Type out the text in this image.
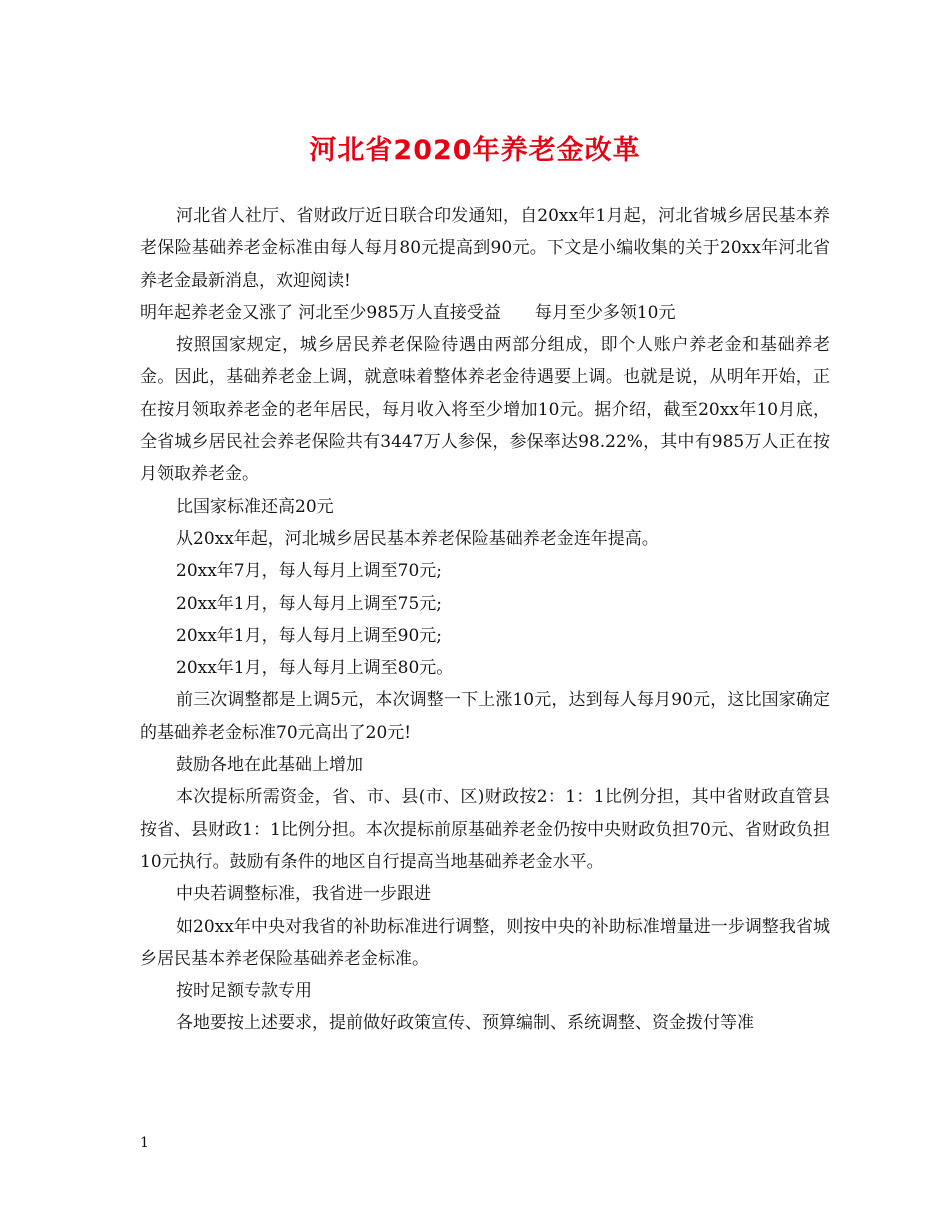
河北省2020年养老金改革

河北省人社厅、省财政厅近日联合印发通知，自20xx年1月起，河北省城乡居民基本养老保险基础养老金标准由每人每月80元提高到90元。下文是小编收集的关于20xx年河北省养老金最新消息，欢迎阅读!

明年起养老金又涨了 河北至少985万人直接受益　　每月至少多领10元

按照国家规定，城乡居民养老保险待遇由两部分组成，即个人账户养老金和基础养老金。因此，基础养老金上调，就意味着整体养老金待遇要上调。也就是说，从明年开始，正在按月领取养老金的老年居民，每月收入将至少增加10元。据介绍，截至20xx年10月底，全省城乡居民社会养老保险共有3447万人参保，参保率达98.22%，其中有985万人正在按月领取养老金。

比国家标准还高20元

从20xx年起，河北城乡居民基本养老保险基础养老金连年提高。

20xx年7月，每人每月上调至70元;

20xx年1月，每人每月上调至75元;

20xx年1月，每人每月上调至90元;

20xx年1月，每人每月上调至80元。

前三次调整都是上调5元，本次调整一下上涨10元，达到每人每月90元，这比国家确定的基础养老金标准70元高出了20元!

鼓励各地在此基础上增加

本次提标所需资金，省、市、县(市、区)财政按2：1：1比例分担，其中省财政直管县按省、县财政1：1比例分担。本次提标前原基础养老金仍按中央财政负担70元、省财政负担10元执行。鼓励有条件的地区自行提高当地基础养老金水平。

中央若调整标准，我省进一步跟进

如20xx年中央对我省的补助标准进行调整，则按中央的补助标准增量进一步调整我省城乡居民基本养老保险基础养老金标准。

按时足额专款专用

各地要按上述要求，提前做好政策宣传、预算编制、系统调整、资金拨付等准

1
